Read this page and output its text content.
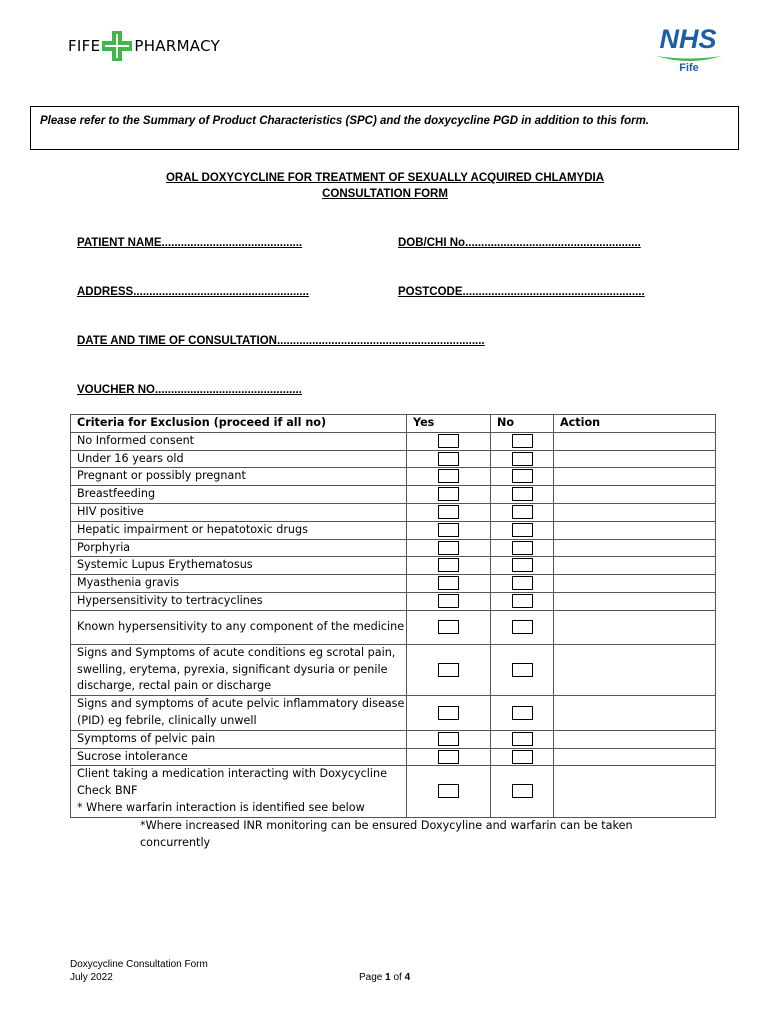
FIFE PHARMACY	NHS
Fife
Please refer to the Summary of Product Characteristics (SPC) and the doxycycline PGD in addition to this form.
ORAL DOXYCYCLINE FOR TREATMENT OF SEXUALLY ACQUIRED CHLAMYDIA
CONSULTATION FORM
PATIENT NAME............................................	DOB/CHI No.......................................................
ADDRESS.......................................................	POSTCODE.........................................................
DATE AND TIME OF CONSULTATION.................................................................
VOUCHER NO..............................................
Criteria for Exclusion (proceed if all no)	Yes	No	Action
No Informed consent			
Under 16 years old			
Pregnant or possibly pregnant			
Breastfeeding			
HIV positive			
Hepatic impairment or hepatotoxic drugs			
Porphyria			
Systemic Lupus Erythematosus			
Myasthenia gravis			
Hypersensitivity to tertracyclines			
Known hypersensitivity to any component of the medicine			
Signs and Symptoms of acute conditions eg scrotal pain, swelling, erytema, pyrexia, significant dysuria or penile discharge, rectal pain or discharge			
Signs and symptoms of acute pelvic inflammatory disease (PID) eg febrile, clinically unwell			
Symptoms of pelvic pain			
Sucrose intolerance			
Client taking a medication interacting with Doxycycline Check BNF
* Where warfarin interaction is identified see below			
*Where increased INR monitoring can be ensured Doxycyline and warfarin can be taken concurrently
Doxycycline Consultation Form
July 2022	Page 1 of 4
